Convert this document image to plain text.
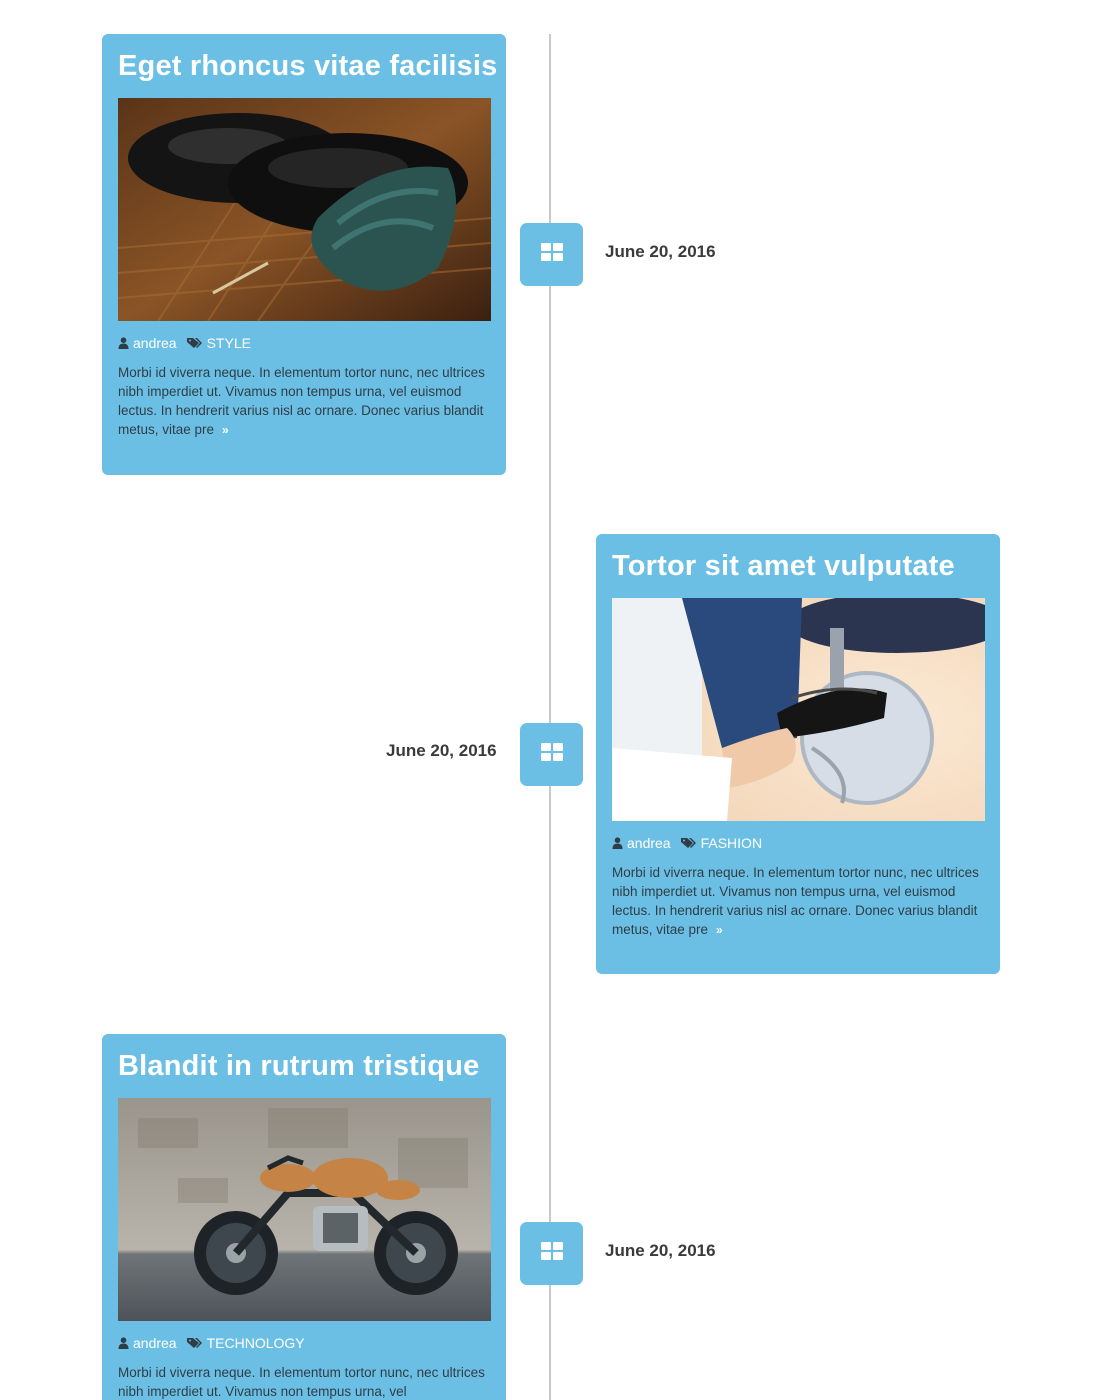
Eget rhoncus vitae facilisis
andrea STYLE
Morbi id viverra neque. In elementum tortor nunc, nec ultrices nibh imperdiet ut. Vivamus non tempus urna, vel euismod lectus. In hendrerit varius nisl ac ornare. Donec varius blandit metus, vitae pre »
June 20, 2016
Tortor sit amet vulputate
andrea FASHION
Morbi id viverra neque. In elementum tortor nunc, nec ultrices nibh imperdiet ut. Vivamus non tempus urna, vel euismod lectus. In hendrerit varius nisl ac ornare. Donec varius blandit metus, vitae pre »
June 20, 2016
Blandit in rutrum tristique
andrea TECHNOLOGY
Morbi id viverra neque. In elementum tortor nunc, nec ultrices nibh imperdiet ut. Vivamus non tempus urna, vel
June 20, 2016
